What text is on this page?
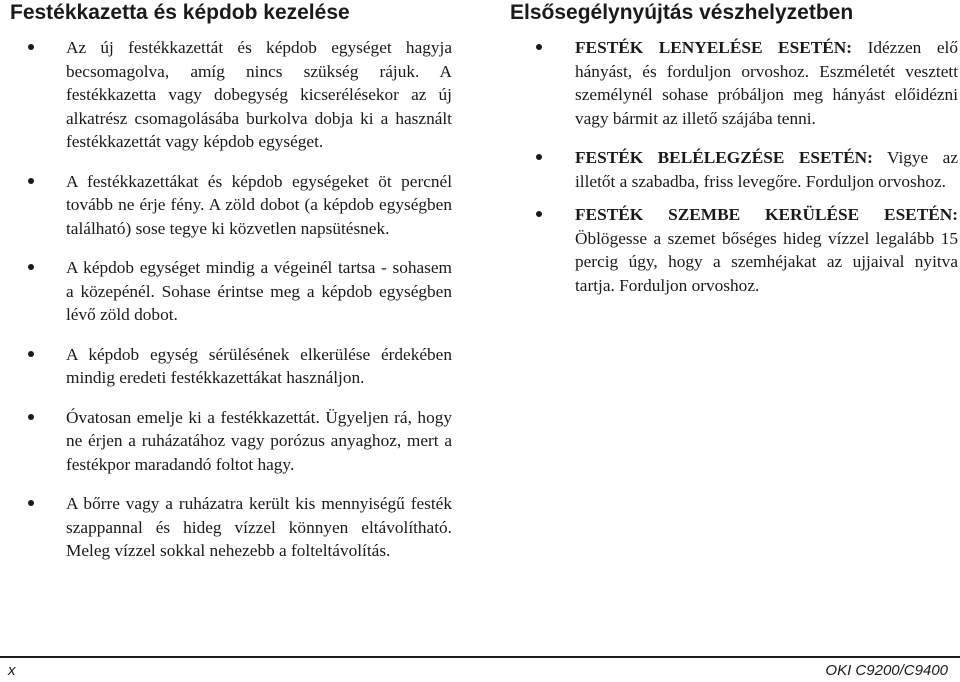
Festékkazetta és képdob kezelése
Az új festékkazettát és képdob egységet hagyja becsomagolva, amíg nincs szükség rájuk. A festékkazetta vagy dobegység kicserélésekor az új alkatrész csomagolásába burkolva dobja ki a használt festékkazettát vagy képdob egységet.
A festékkazettákat és képdob egységeket öt percnél tovább ne érje fény. A zöld dobot (a képdob egységben található) sose tegye ki közvetlen napsütésnek.
A képdob egységet mindig a végeinél tartsa - sohasem a közepénél. Sohase érintse meg a képdob egységben lévő zöld dobot.
A képdob egység sérülésének elkerülése érdekében mindig eredeti festékkazettákat használjon.
Óvatosan emelje ki a festékkazettát. Ügyeljen rá, hogy ne érjen a ruházatához vagy porózus anyaghoz, mert a festékpor maradandó foltot hagy.
A bőrre vagy a ruházatra került kis mennyiségű festék szappannal és hideg vízzel könnyen eltávolítható. Meleg vízzel sokkal nehezebb a folteltávolítás.
Elsősegélynyújtás vészhelyzetben
FESTÉK LENYELÉSE ESETÉN: Idézzen elő hányást, és forduljon orvoshoz. Eszméletét vesztett személynél sohase próbáljon meg hányást előidézni vagy bármit az illető szájába tenni.
FESTÉK BELÉLEGZÉSE ESETÉN: Vigye az illetőt a szabadba, friss levegőre. Forduljon orvoshoz.
FESTÉK SZEMBE KERÜLÉSE ESETÉN: Öblögesse a szemet bőséges hideg vízzel legalább 15 percig úgy, hogy a szemhéjakat az ujjaival nyitva tartja. Forduljon orvoshoz.
x	OKI C9200/C9400
